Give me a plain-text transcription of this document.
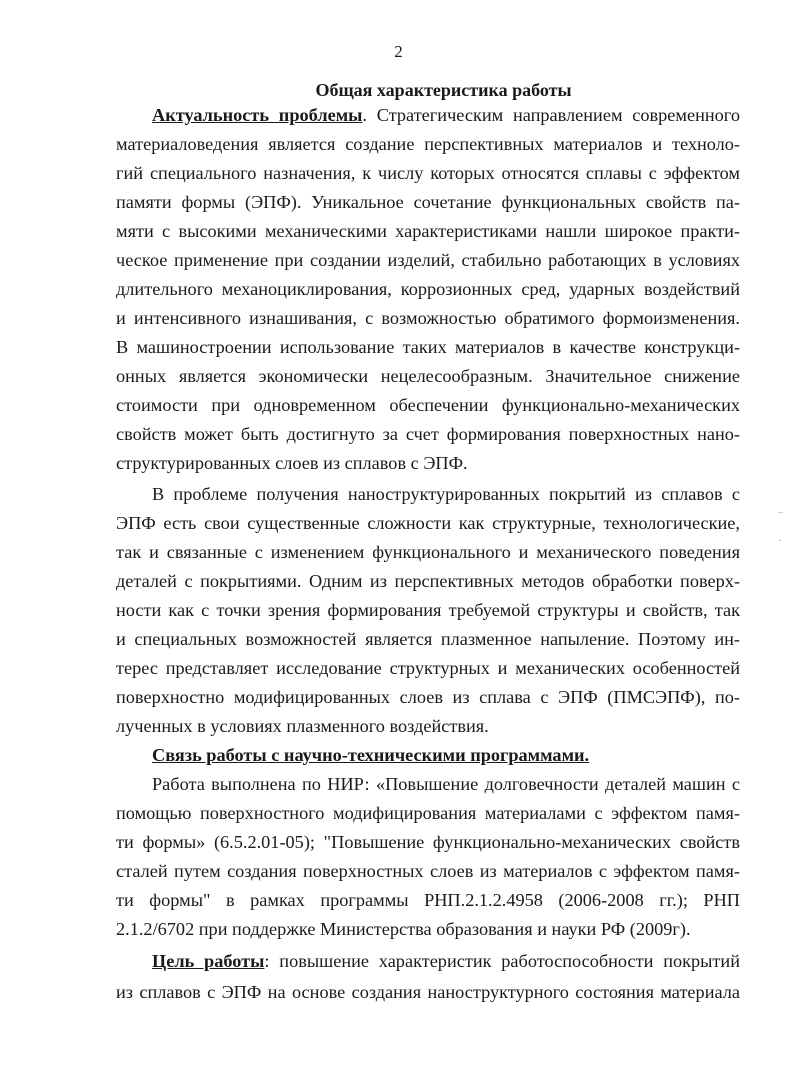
2
Общая характеристика работы
Актуальность проблемы. Стратегическим направлением современного
материаловедения является создание перспективных материалов и техноло-
гий специального назначения, к числу которых относятся сплавы с эффектом
памяти формы (ЭПФ). Уникальное сочетание функциональных свойств па-
мяти с высокими механическими характеристиками нашли широкое практи-
ческое применение при создании изделий, стабильно работающих в условиях
длительного механоциклирования, коррозионных сред, ударных воздействий
и интенсивного изнашивания, с возможностью обратимого формоизменения.
В машиностроении использование таких материалов в качестве конструкци-
онных является экономически нецелесообразным. Значительное снижение
стоимости при одновременном обеспечении функционально-механических
свойств может быть достигнуто за счет формирования поверхностных нано-
структурированных слоев из сплавов с ЭПФ.
В проблеме получения наноструктурированных покрытий из сплавов с
ЭПФ есть свои существенные сложности как структурные, технологические,
так и связанные с изменением функционального и механического поведения
деталей с покрытиями. Одним из перспективных методов обработки поверх-
ности как с точки зрения формирования требуемой структуры и свойств, так
и специальных возможностей является плазменное напыление. Поэтому ин-
терес представляет исследование структурных и механических особенностей
поверхностно модифицированных слоев из сплава с ЭПФ (ПМСЭПФ), по-
лученных в условиях плазменного воздействия.
Связь работы с научно-техническими программами.
Работа выполнена по НИР: «Повышение долговечности деталей машин с
помощью поверхностного модифицирования материалами с эффектом памя-
ти формы» (6.5.2.01-05); "Повышение функционально-механических свойств
сталей путем создания поверхностных слоев из материалов с эффектом памя-
ти формы" в рамках программы РНП.2.1.2.4958 (2006-2008 гг.); РНП
2.1.2/6702 при поддержке Министерства образования и науки РФ (2009г).
Цель работы: повышение характеристик работоспособности покрытий
из сплавов с ЭПФ на основе создания наноструктурного состояния материала
⁻
·
